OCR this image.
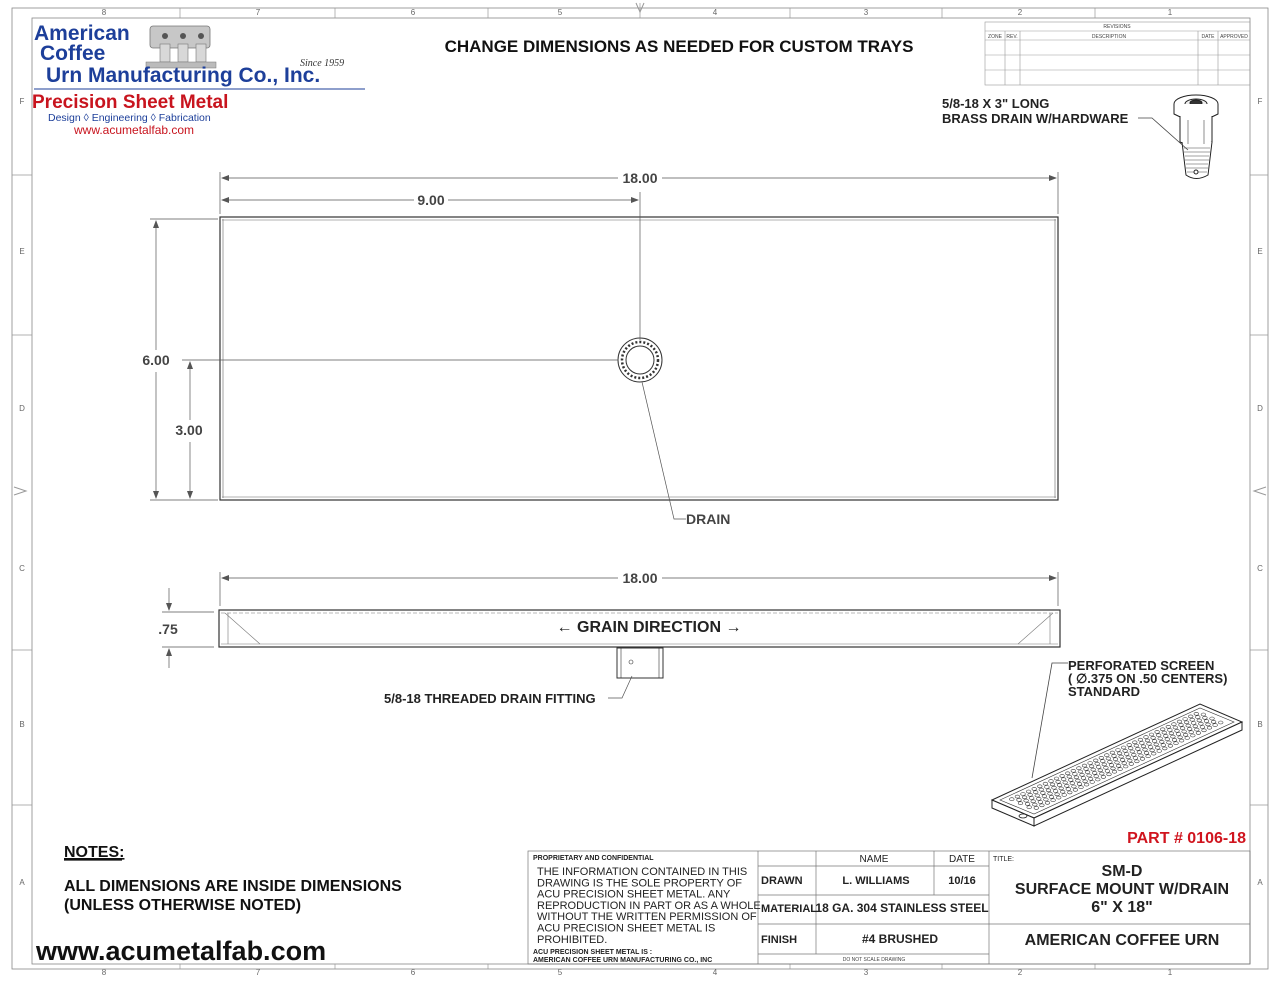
8
8
7
7
6
6
5
5
4
4
3
3
2
2
1
1
F	F
E	E
D	D
C	C
B	B
A	A
American
Coffee
Urn Manufacturing Co., Inc.
Since 1959
Precision Sheet Metal
Design ◊ Engineering ◊ Fabrication
www.acumetalfab.com
CHANGE DIMENSIONS AS NEEDED FOR CUSTOM TRAYS
REVISIONS
ZONE REV.	DESCRIPTION	DATE APPROVED
5/8-18 X 3" LONG
BRASS DRAIN W/HARDWARE
18.00
9.00
6.00
3.00
DRAIN
18.00
.75	← GRAIN DIRECTION →
5/8-18 THREADED DRAIN FITTING
PERFORATED SCREEN
( ∅.375 ON .50 CENTERS)
STANDARD
PART # 0106-18
NOTES:
ALL DIMENSIONS ARE INSIDE DIMENSIONS
(UNLESS OTHERWISE NOTED)
www.acumetalfab.com
PROPRIETARY AND CONFIDENTIAL
THE INFORMATION CONTAINED IN THIS
DRAWING IS THE SOLE PROPERTY OF
ACU PRECISION SHEET METAL. ANY
REPRODUCTION IN PART OR AS A WHOLE
WITHOUT THE WRITTEN PERMISSION OF
ACU PRECISION SHEET METAL IS
PROHIBITED.
ACU PRECISION SHEET METAL IS :
AMERICAN COFFEE URN MANUFACTURING CO., INC
NAME	DATE	TITLE:
DRAWN	L. WILLIAMS	10/16
MATERIAL
18 GA. 304 STAINLESS STEEL
FINISH	#4 BRUSHED
DO NOT SCALE DRAWING
SM-D
SURFACE MOUNT W/DRAIN
6" X 18"
AMERICAN COFFEE URN
